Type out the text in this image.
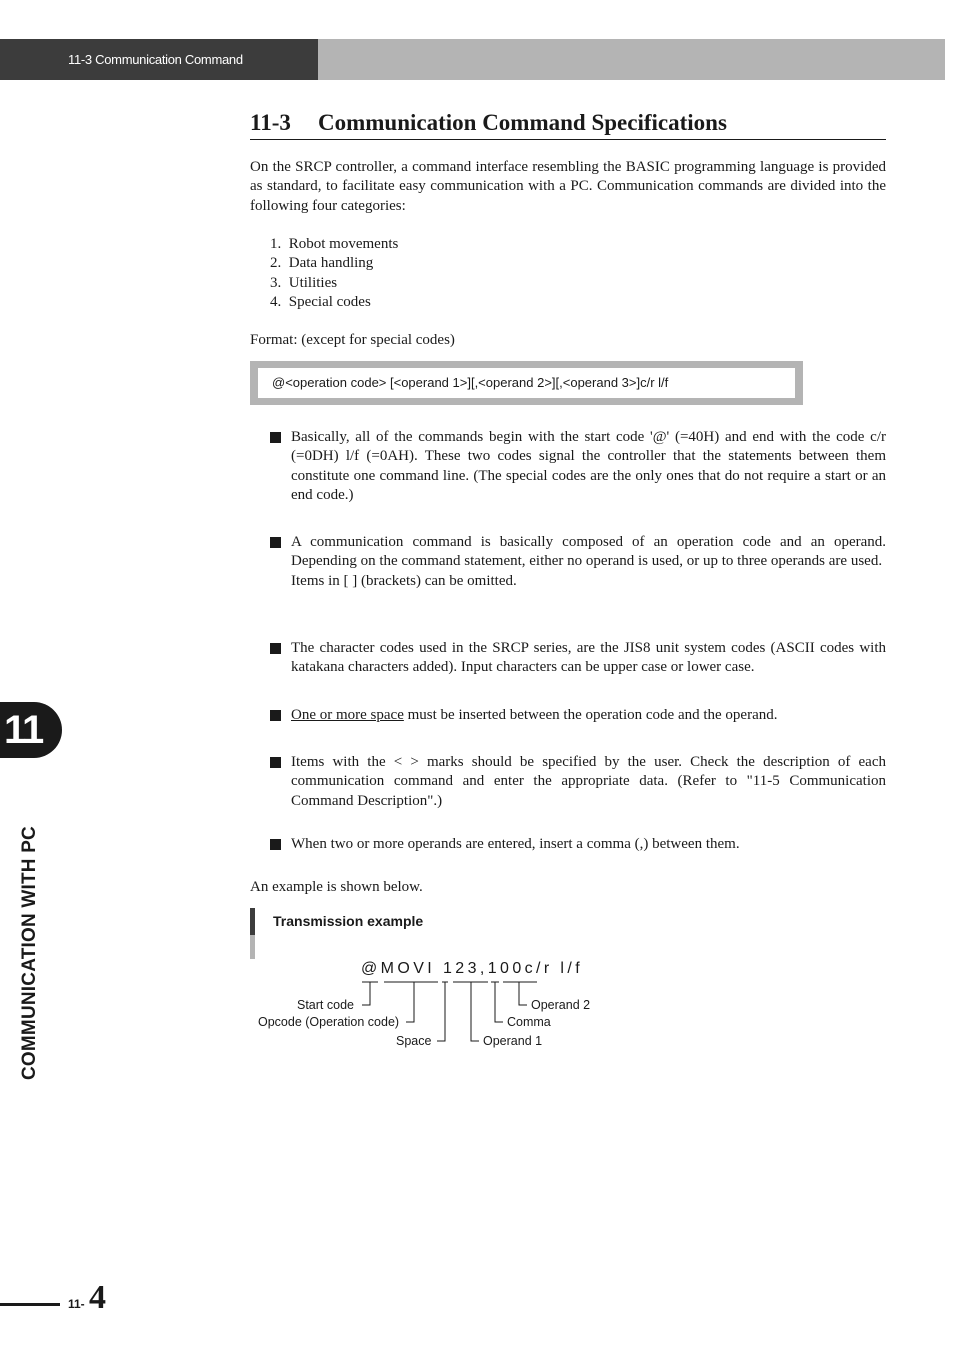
11-3 Communication Command Specifications
11-3 Communication Command Specifications

On the SRCP controller, a command interface resembling the BASIC programming language is provided as standard, to facilitate easy communication with a PC. Communication commands are divided into the following four categories:

1. Robot movements
2. Data handling
3. Utilities
4. Special codes

Format: (except for special codes)

@<operation code> [<operand 1>][,<operand 2>][,<operand 3>]c/r l/f
Basically, all of the commands begin with the start code '@' (=40H) and end with the code c/r (=0DH) l/f (=0AH). These two codes signal the controller that the statements between them constitute one command line. (The special codes are the only ones that do not require a start or an end code.)
A communication command is basically composed of an operation code and an operand. Depending on the command statement, either no operand is used, or up to three operands are used.
Items in [ ] (brackets) can be omitted.
The character codes used in the SRCP series, are the JIS8 unit system codes (ASCII codes with katakana characters added). Input characters can be upper case or lower case.
One or more space must be inserted between the operation code and the operand.
Items with the < > marks should be specified by the user. Check the description of each communication command and enter the appropriate data. (Refer to "11-5 Communication Command Description".)
When two or more operands are entered, insert a comma (,) between them.

An example is shown below.

Transmission example
@MOVI 123,100c/r l/f
Start code
Opcode (Operation code)
Space	Operand 1
Comma
Operand 2
11
COMMUNICATION WITH PC
11- 4
